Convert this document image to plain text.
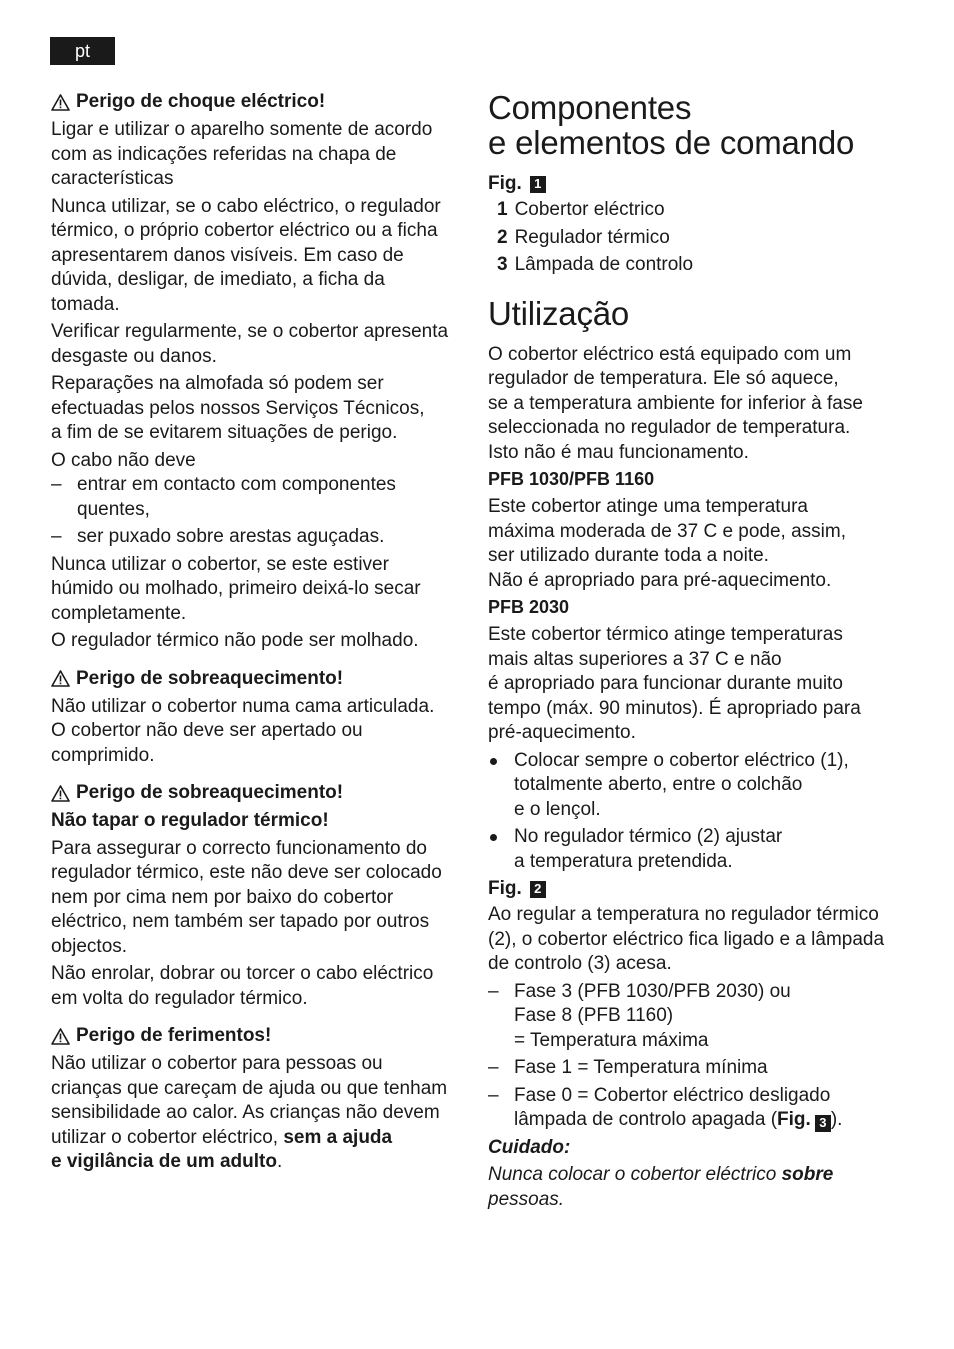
pt
Perigo de choque eléctrico!

Ligar e utilizar o aparelho somente de acordo
com as indicações referidas na chapa de
características

Nunca utilizar, se o cabo eléctrico, o regulador
térmico, o próprio cobertor eléctrico ou a ficha
apresentarem danos visíveis. Em caso de
dúvida, desligar, de imediato, a ficha da
tomada.

Verificar regularmente, se o cobertor apresenta
desgaste ou danos.

Reparações na almofada só podem ser
efectuadas pelos nossos Serviços Técnicos,
a fim de se evitarem situações de perigo.

O cabo não deve

– entrar em contacto com componentes
quentes,
– ser puxado sobre arestas aguçadas.

Nunca utilizar o cobertor, se este estiver
húmido ou molhado, primeiro deixá-lo secar
completamente.

O regulador térmico não pode ser molhado.

Perigo de sobreaquecimento!

Não utilizar o cobertor numa cama articulada.
O cobertor não deve ser apertado ou
comprimido.

Perigo de sobreaquecimento!

Não tapar o regulador térmico!

Para assegurar o correcto funcionamento do
regulador térmico, este não deve ser colocado
nem por cima nem por baixo do cobertor
eléctrico, nem também ser tapado por outros
objectos.

Não enrolar, dobrar ou torcer o cabo eléctrico
em volta do regulador térmico.

Perigo de ferimentos!

Não utilizar o cobertor para pessoas ou
crianças que careçam de ajuda ou que tenham
sensibilidade ao calor. As crianças não devem
utilizar o cobertor eléctrico, sem a ajuda
e vigilância de um adulto.

Componentes
e elementos de comando
Fig. 1
1 Cobertor eléctrico
2 Regulador térmico
3 Lâmpada de controlo
Utilização

O cobertor eléctrico está equipado com um
regulador de temperatura. Ele só aquece,
se a temperatura ambiente for inferior à fase
seleccionada no regulador de temperatura.
Isto não é mau funcionamento.

PFB 1030/PFB 1160

Este cobertor atinge uma temperatura
máxima moderada de 37 C e pode, assim,
ser utilizado durante toda a noite.
Não é apropriado para pré-aquecimento.

PFB 2030

Este cobertor térmico atinge temperaturas
mais altas superiores a 37 C e não
é apropriado para funcionar durante muito
tempo (máx. 90 minutos). É apropriado para
pré-aquecimento.

Colocar sempre o cobertor eléctrico (1),
totalmente aberto, entre o colchão
e o lençol.
No regulador térmico (2) ajustar
a temperatura pretendida.
Fig. 2

Ao regular a temperatura no regulador térmico
(2), o cobertor eléctrico fica ligado e a lâmpada
de controlo (3) acesa.

– Fase 3 (PFB 1030/PFB 2030) ou
Fase 8 (PFB 1160)
= Temperatura máxima
– Fase 1 = Temperatura mínima
– Fase 0 = Cobertor eléctrico desligado
lâmpada de controlo apagada (Fig. 3 ).

Cuidado:

Nunca colocar o cobertor eléctrico sobre
pessoas.
